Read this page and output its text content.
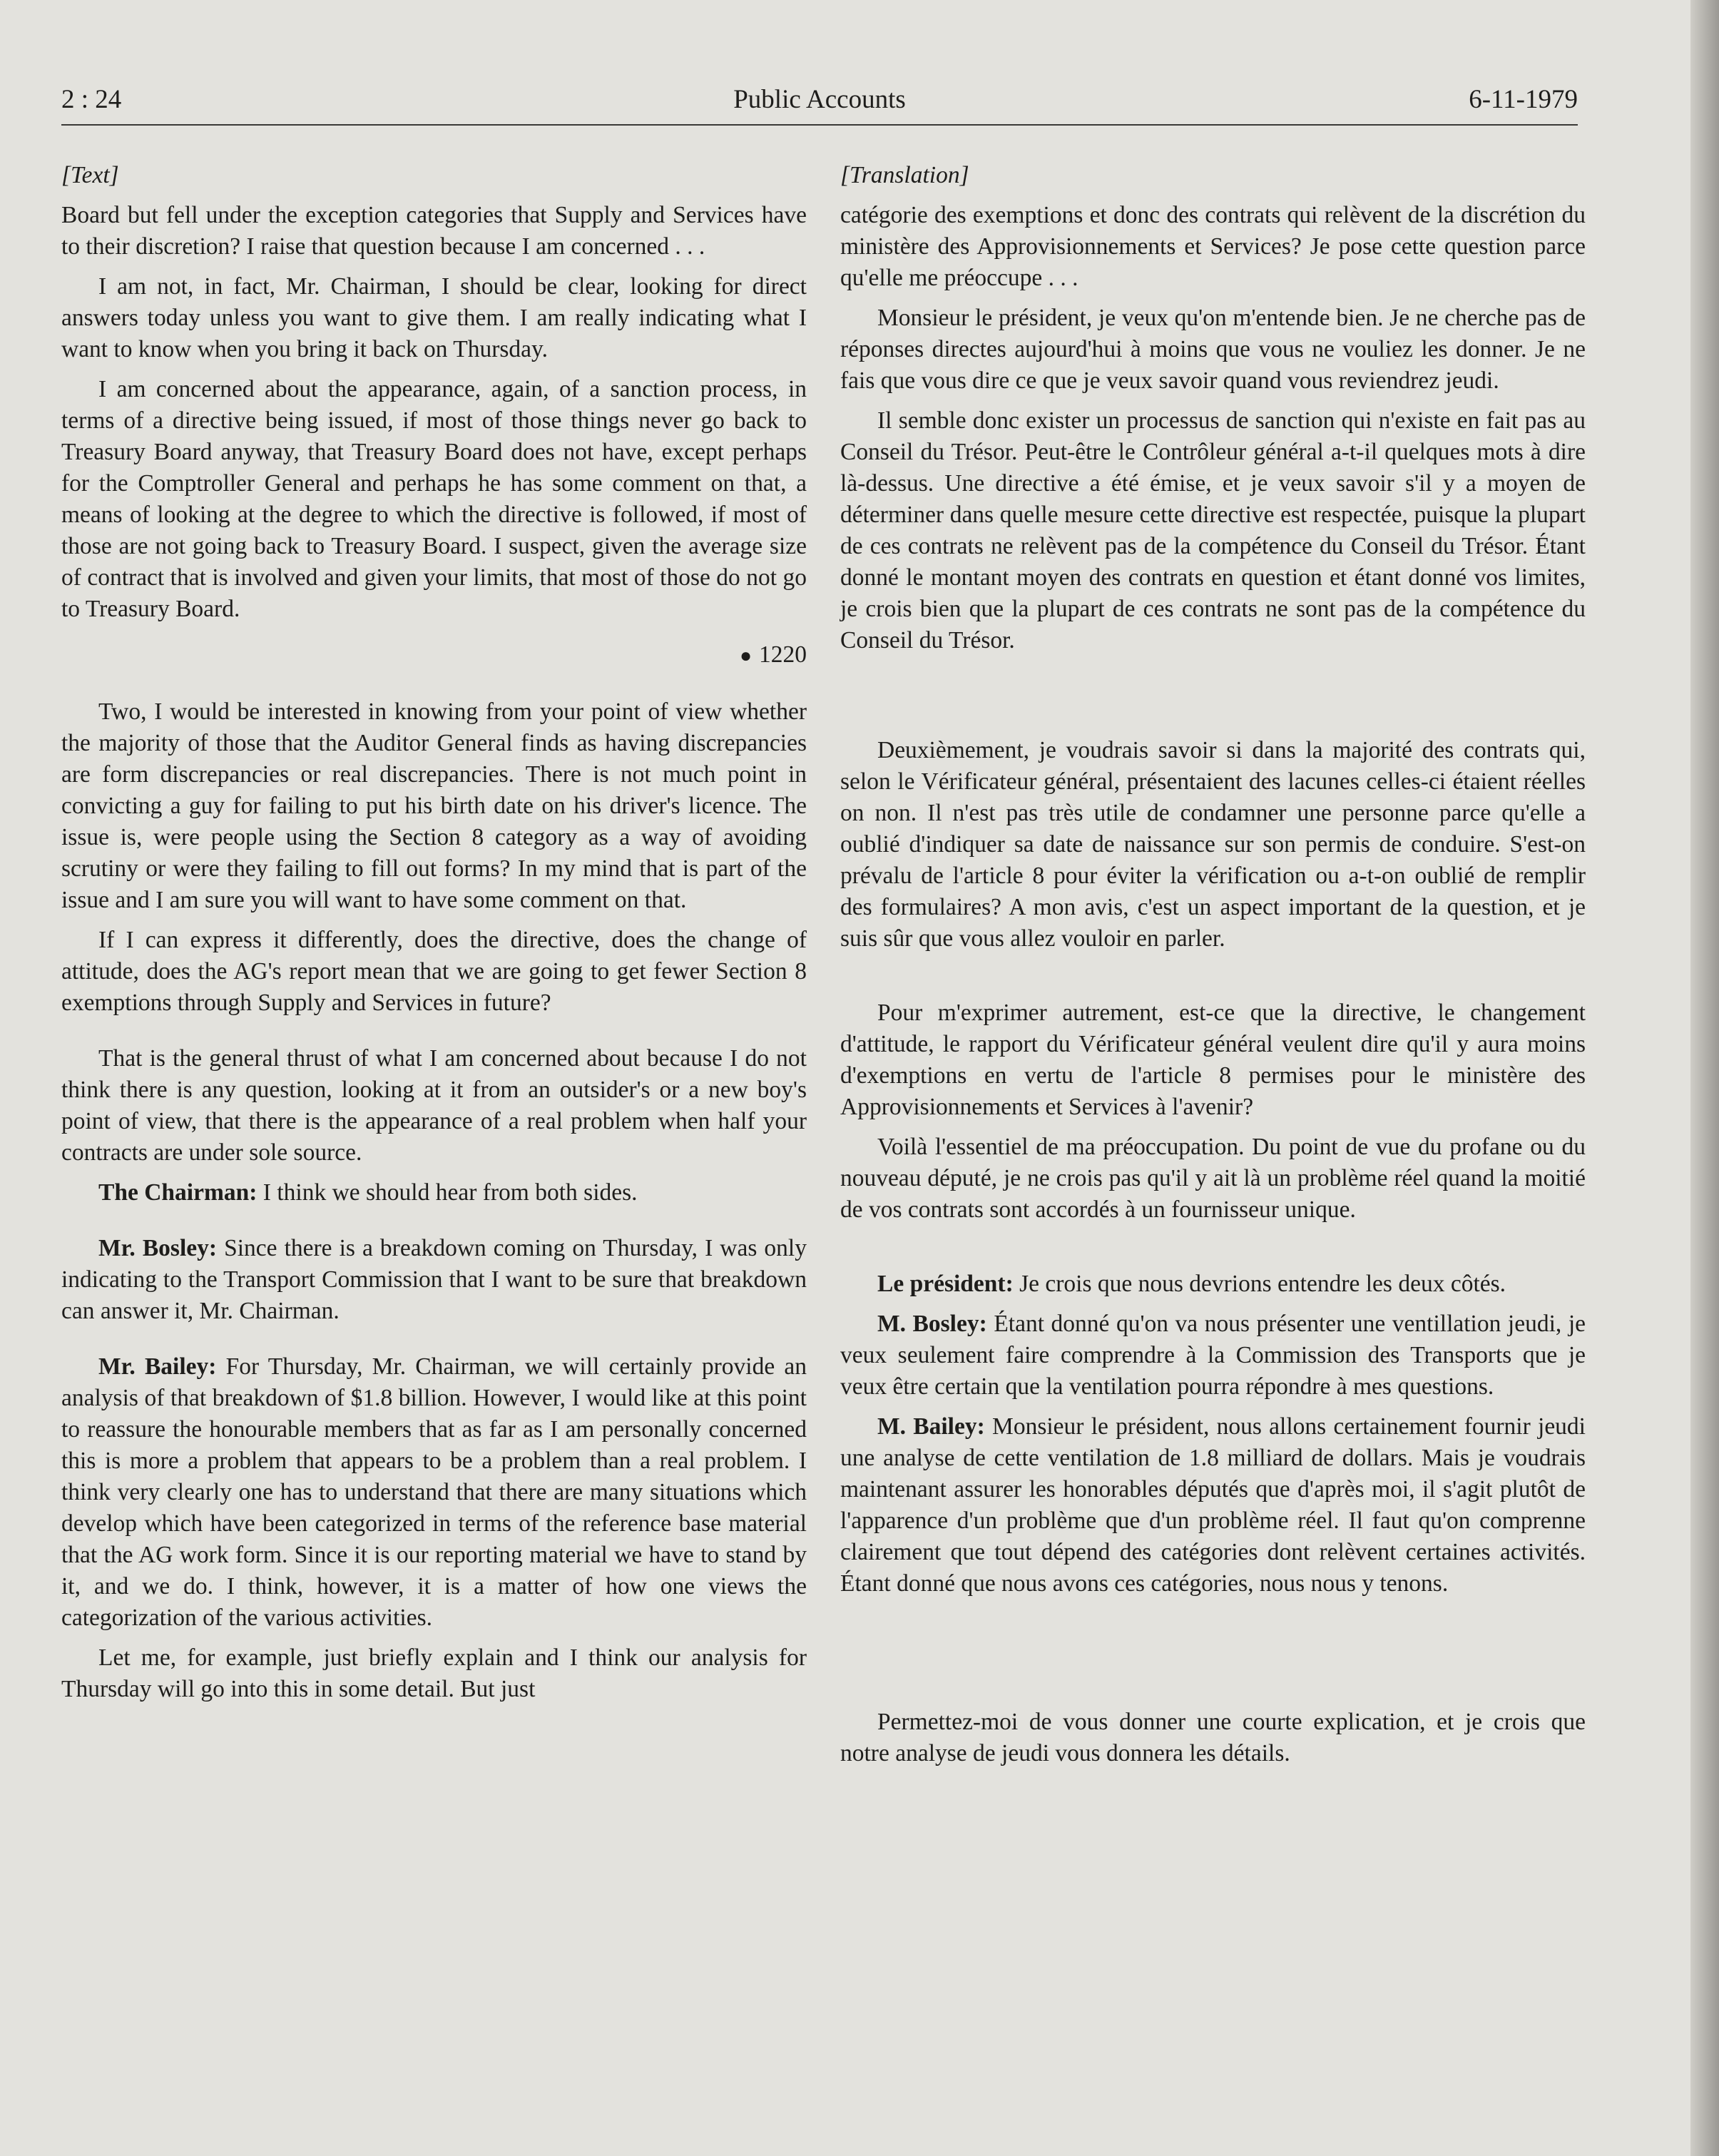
Public Accounts
2 : 24	6-11-1979

[Text]

Board but fell under the exception categories that Supply and Services have to their discretion? I raise that question because I am concerned . . .

I am not, in fact, Mr. Chairman, I should be clear, looking for direct answers today unless you want to give them. I am really indicating what I want to know when you bring it back on Thursday.

I am concerned about the appearance, again, of a sanction process, in terms of a directive being issued, if most of those things never go back to Treasury Board anyway, that Treasury Board does not have, except perhaps for the Comptroller General and perhaps he has some comment on that, a means of looking at the degree to which the directive is followed, if most of those are not going back to Treasury Board. I suspect, given the average size of contract that is involved and given your limits, that most of those do not go to Treasury Board.

● 1220

Two, I would be interested in knowing from your point of view whether the majority of those that the Auditor General finds as having discrepancies are form discrepancies or real discrepancies. There is not much point in convicting a guy for failing to put his birth date on his driver's licence. The issue is, were people using the Section 8 category as a way of avoiding scrutiny or were they failing to fill out forms? In my mind that is part of the issue and I am sure you will want to have some comment on that.

If I can express it differently, does the directive, does the change of attitude, does the AG's report mean that we are going to get fewer Section 8 exemptions through Supply and Services in future?

That is the general thrust of what I am concerned about because I do not think there is any question, looking at it from an outsider's or a new boy's point of view, that there is the appearance of a real problem when half your contracts are under sole source.

The Chairman: I think we should hear from both sides.

Mr. Bosley: Since there is a breakdown coming on Thursday, I was only indicating to the Transport Commission that I want to be sure that breakdown can answer it, Mr. Chairman.

Mr. Bailey: For Thursday, Mr. Chairman, we will certainly provide an analysis of that breakdown of $1.8 billion. However, I would like at this point to reassure the honourable members that as far as I am personally concerned this is more a problem that appears to be a problem than a real problem. I think very clearly one has to understand that there are many situations which develop which have been categorized in terms of the reference base material that the AG work form. Since it is our reporting material we have to stand by it, and we do. I think, however, it is a matter of how one views the categorization of the various activities.

Let me, for example, just briefly explain and I think our analysis for Thursday will go into this in some detail. But just

[Translation]

catégorie des exemptions et donc des contrats qui relèvent de la discrétion du ministère des Approvisionnements et Services? Je pose cette question parce qu'elle me préoccupe . . .

Monsieur le président, je veux qu'on m'entende bien. Je ne cherche pas de réponses directes aujourd'hui à moins que vous ne vouliez les donner. Je ne fais que vous dire ce que je veux savoir quand vous reviendrez jeudi.

Il semble donc exister un processus de sanction qui n'existe en fait pas au Conseil du Trésor. Peut-être le Contrôleur général a-t-il quelques mots à dire là-dessus. Une directive a été émise, et je veux savoir s'il y a moyen de déterminer dans quelle mesure cette directive est respectée, puisque la plupart de ces contrats ne relèvent pas de la compétence du Conseil du Trésor. Étant donné le montant moyen des contrats en question et étant donné vos limites, je crois bien que la plupart de ces contrats ne sont pas de la compétence du Conseil du Trésor.

Deuxièmement, je voudrais savoir si dans la majorité des contrats qui, selon le Vérificateur général, présentaient des lacunes celles-ci étaient réelles on non. Il n'est pas très utile de condamner une personne parce qu'elle a oublié d'indiquer sa date de naissance sur son permis de conduire. S'est-on prévalu de l'article 8 pour éviter la vérification ou a-t-on oublié de remplir des formulaires? A mon avis, c'est un aspect important de la question, et je suis sûr que vous allez vouloir en parler.

Pour m'exprimer autrement, est-ce que la directive, le changement d'attitude, le rapport du Vérificateur général veulent dire qu'il y aura moins d'exemptions en vertu de l'article 8 permises pour le ministère des Approvisionnements et Services à l'avenir?

Voilà l'essentiel de ma préoccupation. Du point de vue du profane ou du nouveau député, je ne crois pas qu'il y ait là un problème réel quand la moitié de vos contrats sont accordés à un fournisseur unique.

Le président: Je crois que nous devrions entendre les deux côtés.

M. Bosley: Étant donné qu'on va nous présenter une ventillation jeudi, je veux seulement faire comprendre à la Commission des Transports que je veux être certain que la ventilation pourra répondre à mes questions.

M. Bailey: Monsieur le président, nous allons certainement fournir jeudi une analyse de cette ventilation de 1.8 milliard de dollars. Mais je voudrais maintenant assurer les honorables députés que d'après moi, il s'agit plutôt de l'apparence d'un problème que d'un problème réel. Il faut qu'on comprenne clairement que tout dépend des catégories dont relèvent certaines activités. Étant donné que nous avons ces catégories, nous nous y tenons.

Permettez-moi de vous donner une courte explication, et je crois que notre analyse de jeudi vous donnera les détails.
